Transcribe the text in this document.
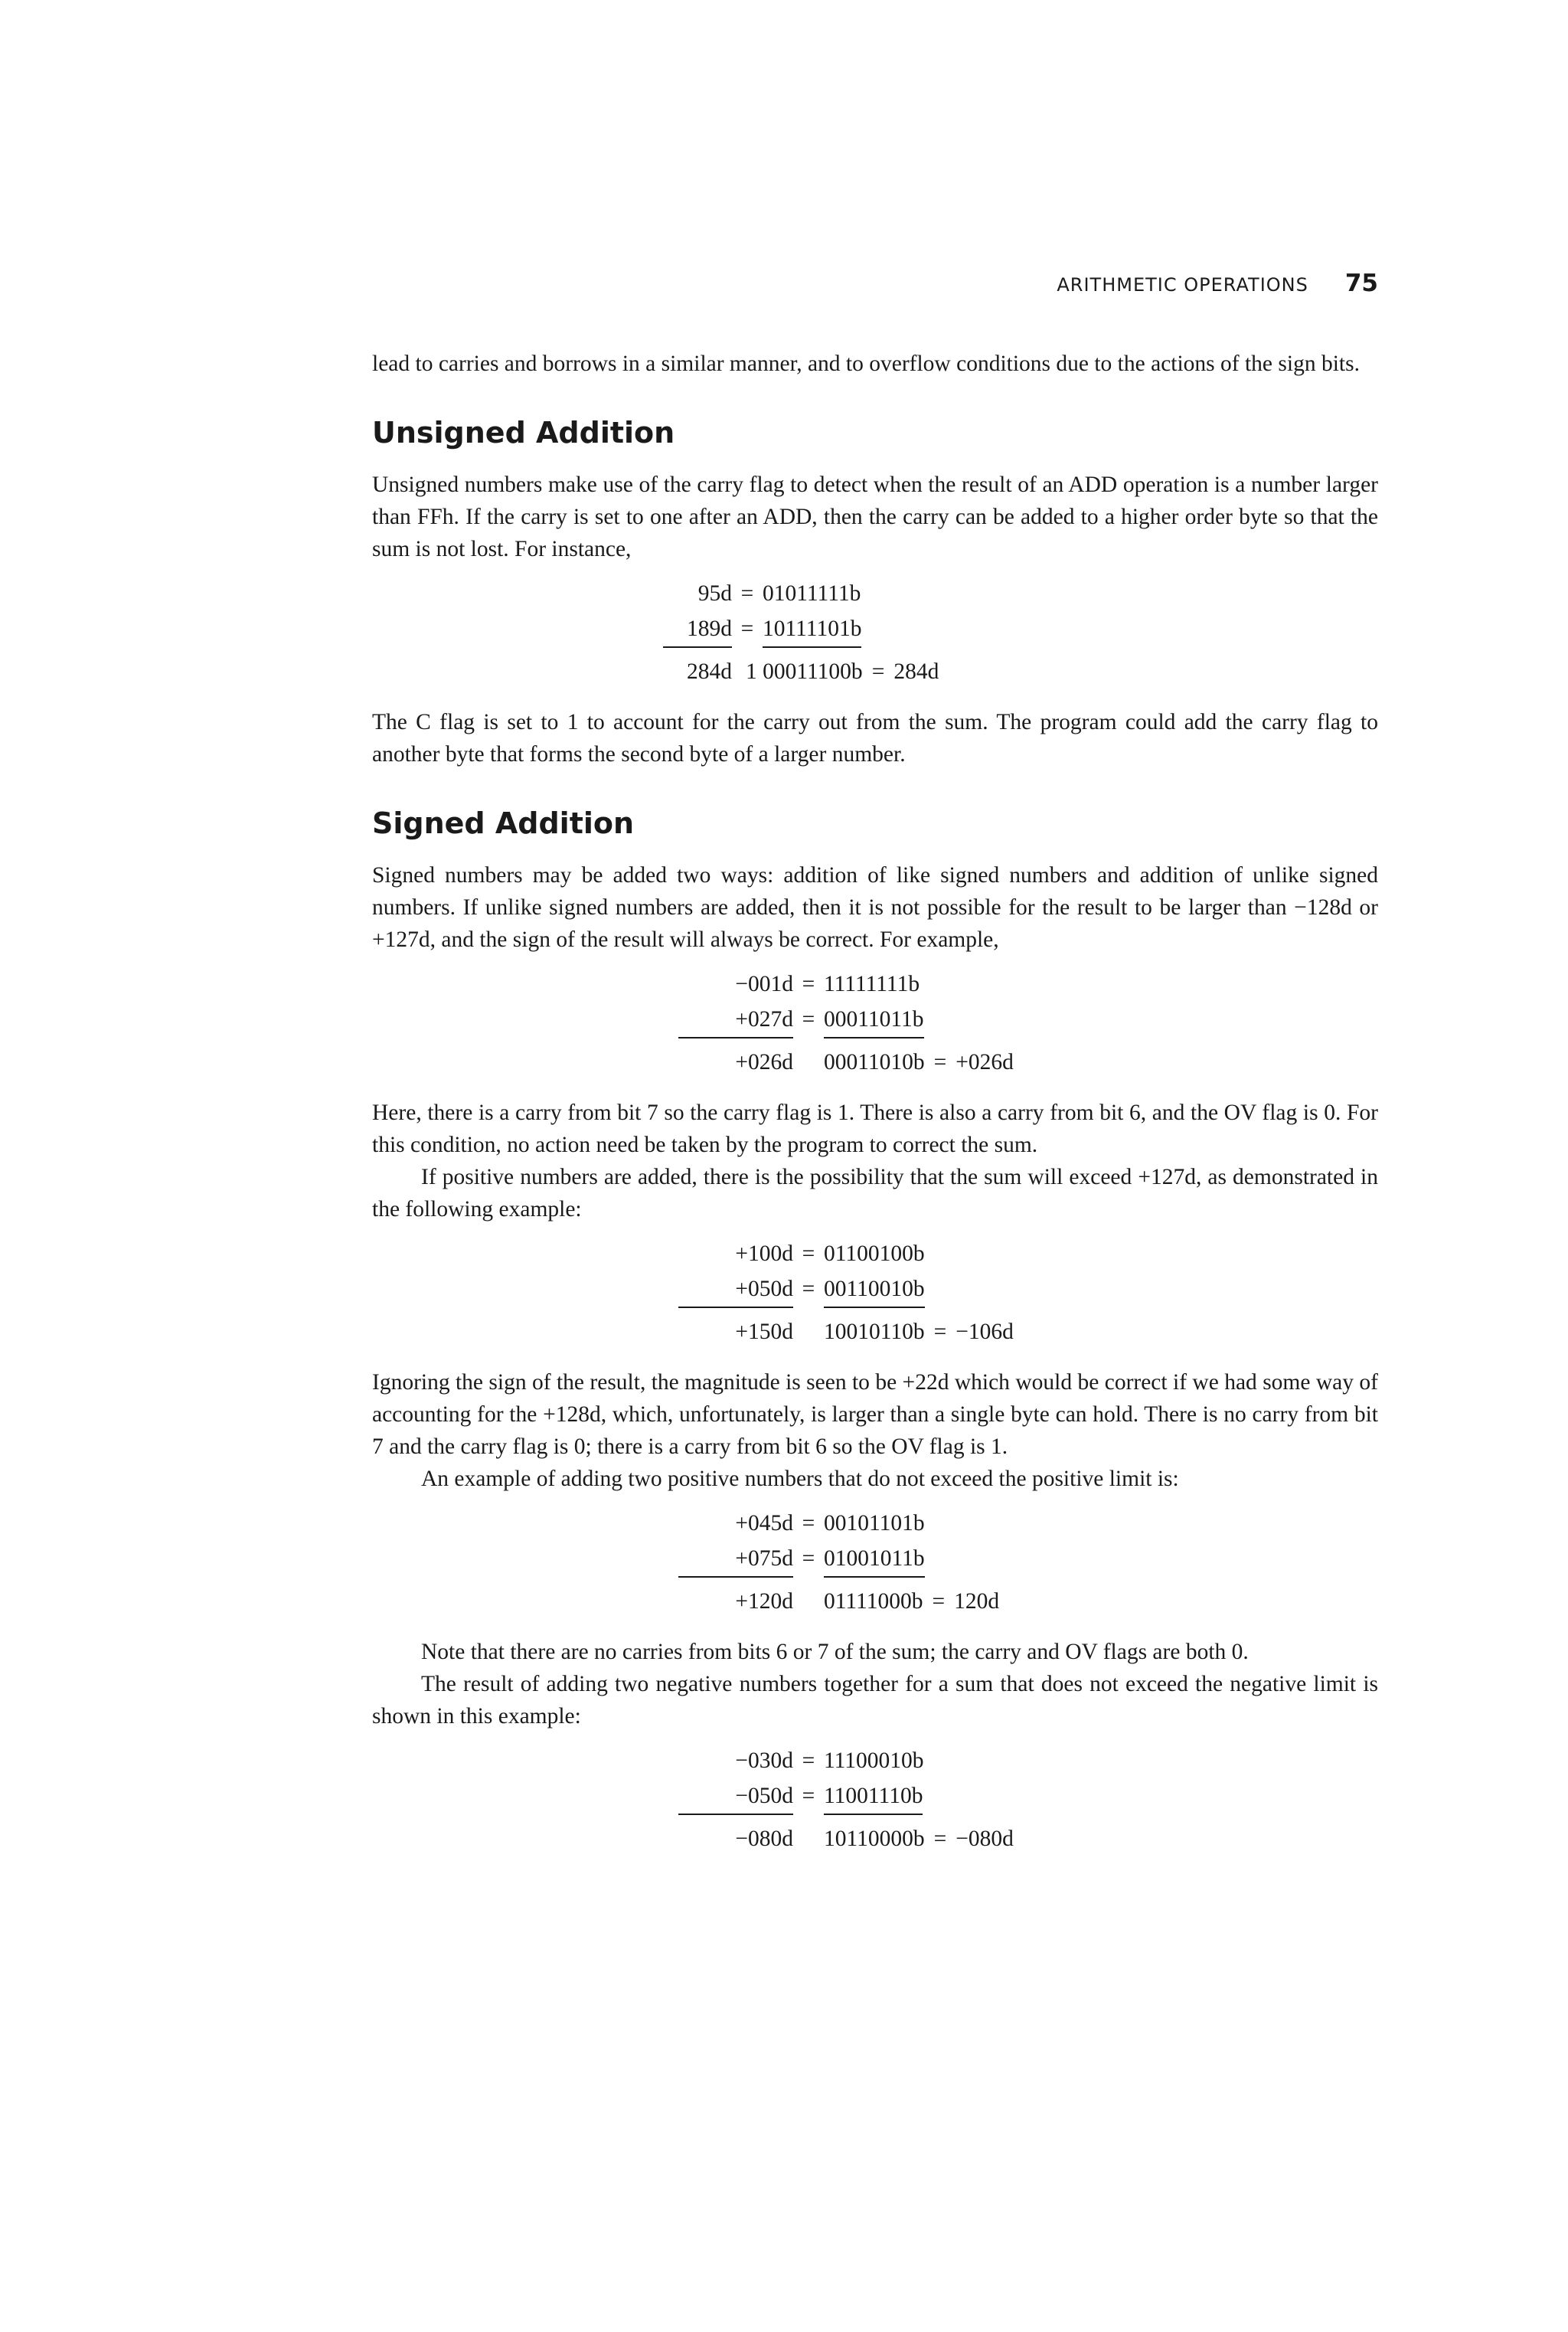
ARITHMETIC OPERATIONS 75

lead to carries and borrows in a similar manner, and to overflow conditions due to the actions of the sign bits.

Unsigned Addition

Unsigned numbers make use of the carry flag to detect when the result of an ADD operation is a number larger than FFh. If the carry is set to one after an ADD, then the carry can be added to a higher order byte so that the sum is not lost. For instance,

95d = 01011111b
189d = 10111101b
284d 1 00011100b = 284d

The C flag is set to 1 to account for the carry out from the sum. The program could add the carry flag to another byte that forms the second byte of a larger number.

Signed Addition

Signed numbers may be added two ways: addition of like signed numbers and addition of unlike signed numbers. If unlike signed numbers are added, then it is not possible for the result to be larger than −128d or +127d, and the sign of the result will always be correct. For example,

−001d = 11111111b
+027d = 00011011b
+026d 00011010b = +026d

Here, there is a carry from bit 7 so the carry flag is 1. There is also a carry from bit 6, and the OV flag is 0. For this condition, no action need be taken by the program to correct the sum.

If positive numbers are added, there is the possibility that the sum will exceed +127d, as demonstrated in the following example:

+100d = 01100100b
+050d = 00110010b
+150d 10010110b = −106d

Ignoring the sign of the result, the magnitude is seen to be +22d which would be correct if we had some way of accounting for the +128d, which, unfortunately, is larger than a single byte can hold. There is no carry from bit 7 and the carry flag is 0; there is a carry from bit 6 so the OV flag is 1.

An example of adding two positive numbers that do not exceed the positive limit is:

+045d = 00101101b
+075d = 01001011b
+120d 01111000b = 120d

Note that there are no carries from bits 6 or 7 of the sum; the carry and OV flags are both 0.

The result of adding two negative numbers together for a sum that does not exceed the negative limit is shown in this example:

−030d = 11100010b
−050d = 11001110b
−080d 10110000b = −080d
